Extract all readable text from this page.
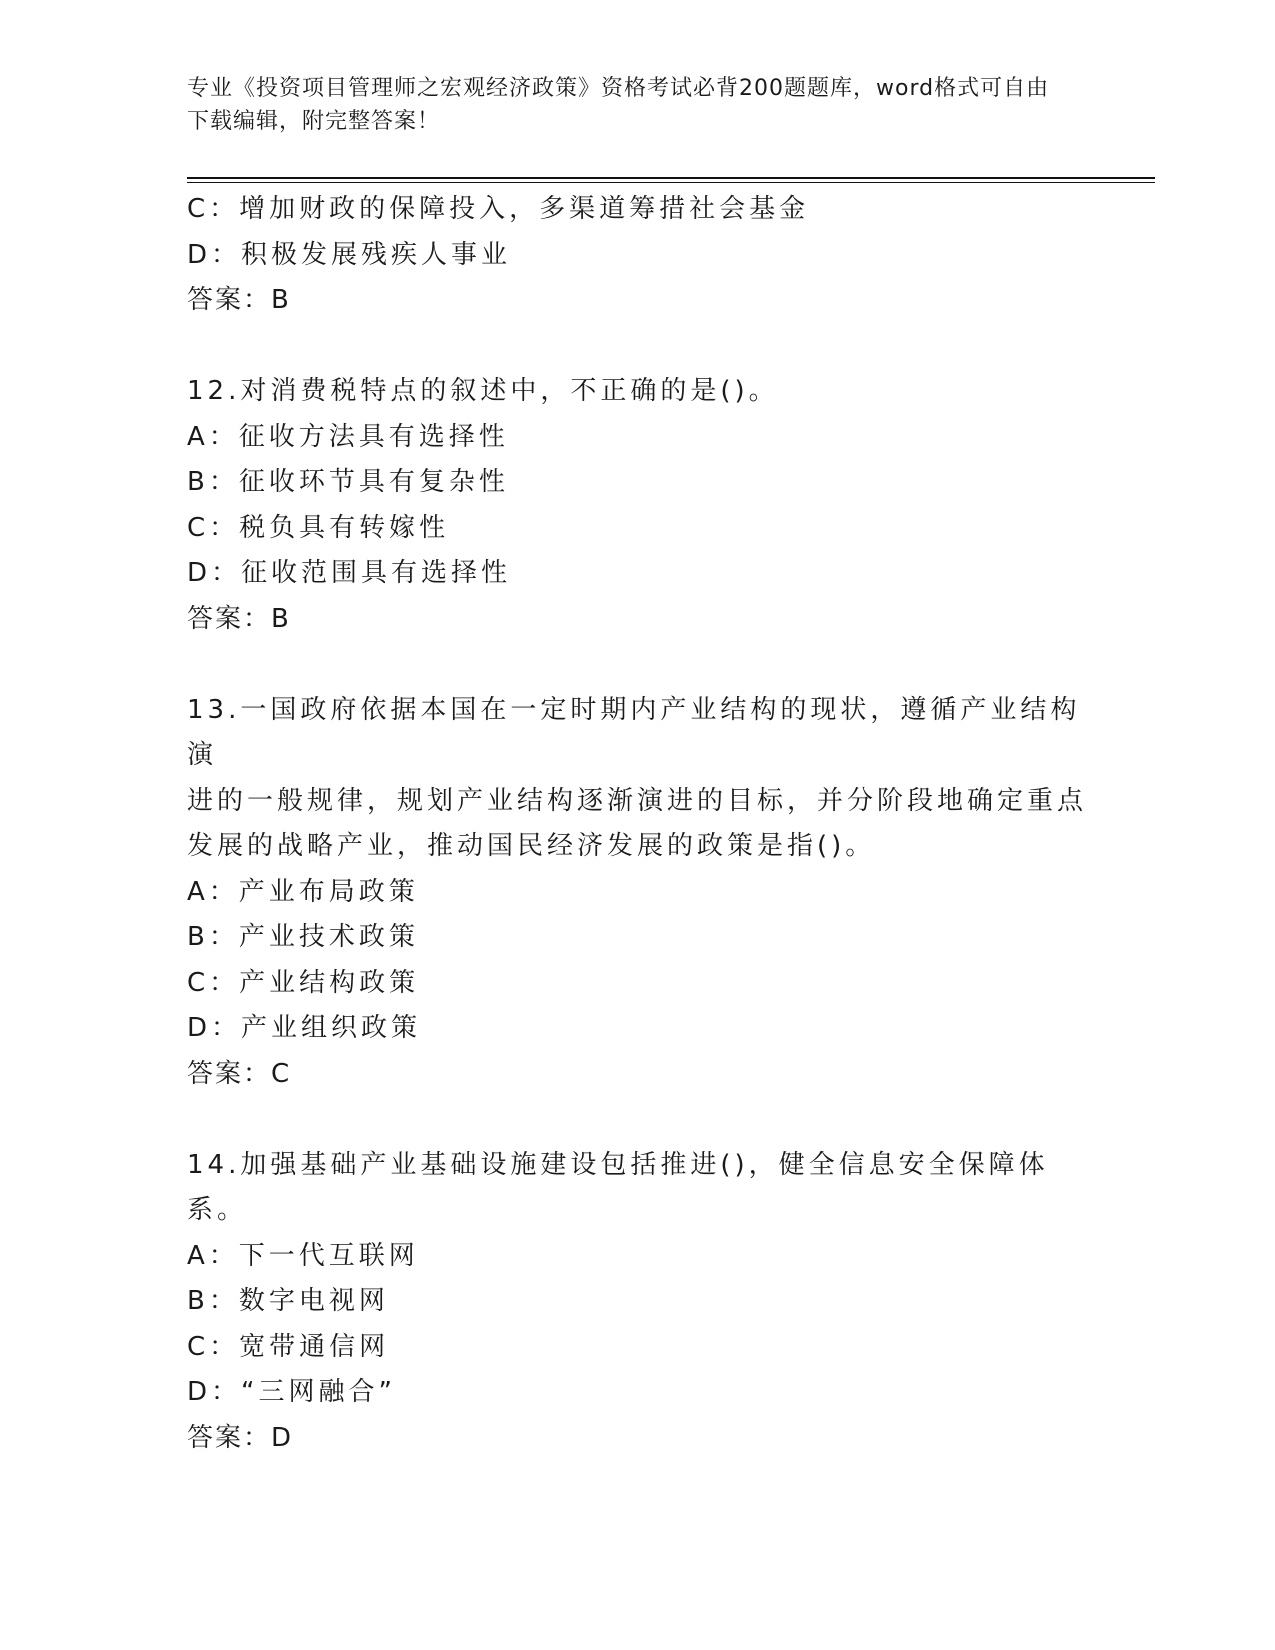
专业《投资项目管理师之宏观经济政策》资格考试必背200题题库，word格式可自由下载编辑，附完整答案！
C：增加财政的保障投入，多渠道筹措社会基金
D：积极发展残疾人事业
答案：B
12.对消费税特点的叙述中，不正确的是()。
A：征收方法具有选择性
B：征收环节具有复杂性
C：税负具有转嫁性
D：征收范围具有选择性
答案：B
13.一国政府依据本国在一定时期内产业结构的现状，遵循产业结构演
进的一般规律，规划产业结构逐渐演进的目标，并分阶段地确定重点
发展的战略产业，推动国民经济发展的政策是指()。
A：产业布局政策
B：产业技术政策
C：产业结构政策
D：产业组织政策
答案：C
14.加强基础产业基础设施建设包括推进()，健全信息安全保障体系。
A：下一代互联网
B：数字电视网
C：宽带通信网
D：“三网融合”
答案：D
